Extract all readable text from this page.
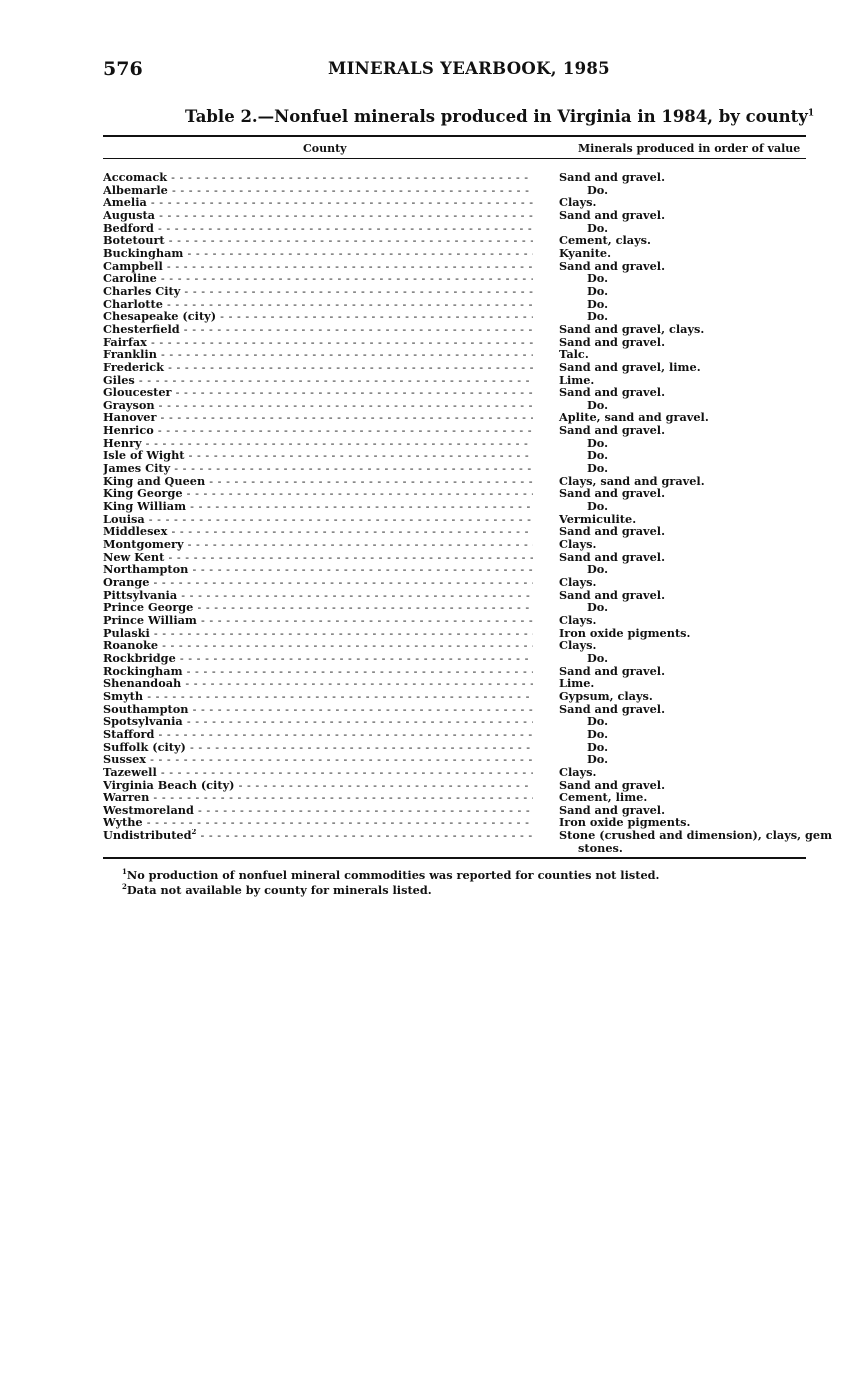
576	MINERALS YEARBOOK, 1985
Table 2.—Nonfuel minerals produced in Virginia in 1984, by county$^1$
County	Minerals produced in order of value
Accomack - - -	Sand and gravel.
Albemarle - - -	Do.
Amelia - - -	Clays.
Augusta - - -	Sand and gravel.
Bedford - - -	Do.
Botetourt - - -	Cement, clays.
Buckingham - - -	Kyanite.
Campbell - - -	Sand and gravel.
Caroline - - -	Do.
Charles City - - -	Do.
Charlotte - - -	Do.
Chesapeake (city) - - -	Do.
Chesterfield - - -	Sand and gravel, clays.
Fairfax - - -	Sand and gravel.
Franklin - - -	Talc.
Frederick - - -	Sand and gravel, lime.
Giles - - -	Lime.
Gloucester - - -	Sand and gravel.
Grayson - - -	Do.
Hanover - - -	Aplite, sand and gravel.
Henrico - - -	Sand and gravel.
Henry - - -	Do.
Isle of Wight - - -	Do.
James City - - -	Do.
King and Queen - - -	Clays, sand and gravel.
King George - - -	Sand and gravel.
King William - - -	Do.
Louisa - - -	Vermiculite.
Middlesex - - -	Sand and gravel.
Montgomery - - -	Clays.
New Kent - - -	Sand and gravel.
Northampton - - -	Do.
Orange - - -	Clays.
Pittsylvania - - -	Sand and gravel.
Prince George - - -	Do.
Prince William - - -	Clays.
Pulaski - - -	Iron oxide pigments.
Roanoke - - -	Clays.
Rockbridge - - -	Do.
Rockingham - - -	Sand and gravel.
Shenandoah - - -	Lime.
Smyth - - -	Gypsum, clays.
Southampton - - -	Sand and gravel.
Spotsylvania - - -	Do.
Stafford - - -	Do.
Suffolk (city) - - -	Do.
Sussex - - -	Do.
Tazewell - - -	Clays.
Virginia Beach (city) - - -	Sand and gravel.
Warren - - -	Cement, lime.
Westmoreland - - -	Sand and gravel.
Wythe - - -	Iron oxide pigments.
Undistributed$^2$ - - -	Stone (crushed and dimension), clays, gem
stones.
$^1$No production of nonfuel mineral commodities was reported for counties not listed.
$^2$Data not available by county for minerals listed.
